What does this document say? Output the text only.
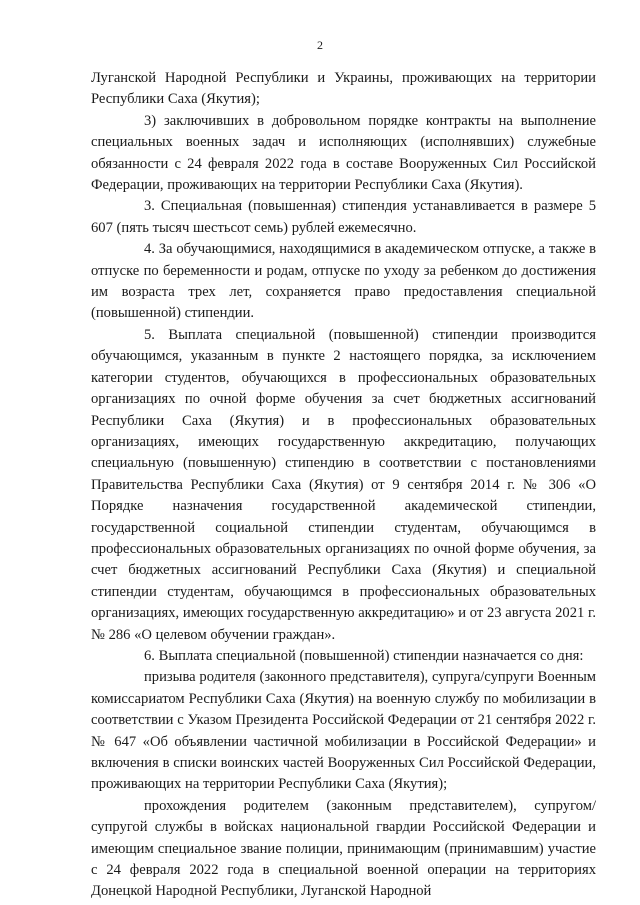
2

Луганской Народной Республики и Украины, проживающих на территории Республики Саха (Якутия);

3) заключивших в добровольном порядке контракты на выполнение специальных военных задач и исполняющих (исполнявших) служебные обязанности с 24 февраля 2022 года в составе Вооруженных Сил Российской Федерации, проживающих на территории Республики Саха (Якутия).

3. Специальная (повышенная) стипендия устанавливается в размере 5 607 (пять тысяч шестьсот семь) рублей ежемесячно.

4. За обучающимися, находящимися в академическом отпуске, а также в отпуске по беременности и родам, отпуске по уходу за ребенком до достижения им возраста трех лет, сохраняется право предоставления специальной (повышенной) стипендии.

5. Выплата специальной (повышенной) стипендии производится обучающимся, указанным в пункте 2 настоящего порядка, за исключением категории студентов, обучающихся в профессиональных образовательных организациях по очной форме обучения за счет бюджетных ассигнований Республики Саха (Якутия) и в профессиональных образовательных организациях, имеющих государственную аккредитацию, получающих специальную (повышенную) стипендию в соответствии с постановлениями Правительства Республики Саха (Якутия) от 9 сентября 2014 г. № 306 «О Порядке назначения государственной академической стипендии, государственной социальной стипендии студентам, обучающимся в профессиональных образовательных организациях по очной форме обучения, за счет бюджетных ассигнований Республики Саха (Якутия) и специальной стипендии студентам, обучающимся в профессиональных образовательных организациях, имеющих государственную аккредитацию» и от 23 августа 2021 г. № 286 «О целевом обучении граждан».

6. Выплата специальной (повышенной) стипендии назначается со дня:

призыва родителя (законного представителя), супруга/супруги Военным комиссариатом Республики Саха (Якутия) на военную службу по мобилизации в соответствии с Указом Президента Российской Федерации от 21 сентября 2022 г. № 647 «Об объявлении частичной мобилизации в Российской Федерации» и включения в списки воинских частей Вооруженных Сил Российской Федерации, проживающих на территории Республики Саха (Якутия);

прохождения родителем (законным представителем), супругом/ супругой службы в войсках национальной гвардии Российской Федерации и имеющим специальное звание полиции, принимающим (принимавшим) участие с 24 февраля 2022 года в специальной военной операции на территориях Донецкой Народной Республики, Луганской Народной
